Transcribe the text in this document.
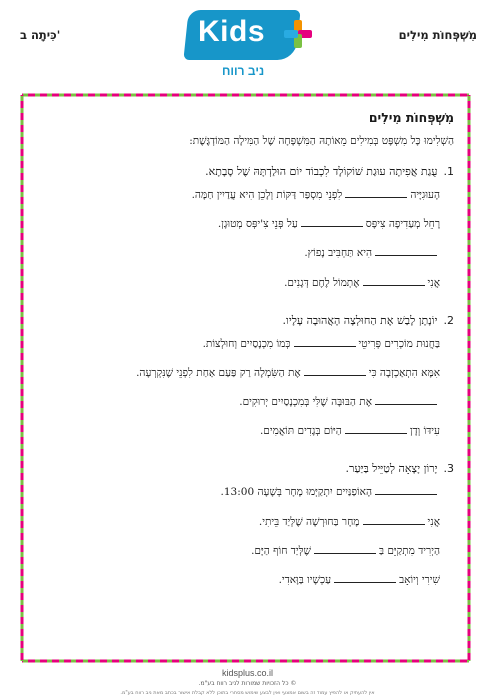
מִשְׁפְּחוֹת מִילִים
כִּיתָה ב'	Kids
ניב רווח
מִשְׁפְּחוֹת מִילִים
הַשְׁלִימוּ כָּל מִשְׁפָּט בְּמִילִים מֵאוֹתָהּ הַמִּשְׁפָּחָה שֶׁל הַמִּילָה הַמּוֹדְגֶּשֶׁת:
1.
עֻגַת אֲפִיתָה עוּגַת שׁוֹקוֹלָד לִכְבוֹד יוֹם הוּלַדְתָּהּ שֶׁל סָבָתָא.
הָעוּגִיָּיהלִפְנֵי מִסְפַּר דַּקּוֹת וְלָכֵן הִיא עֲדַיִין חַמָּה.
רָחֵל מְעַדִיפָה צִיפָּסעַל פְּנֵי צִ'יפְּס מְטוּגָן.
הִיא תַּחְבִּיב נָפוֹץ.
אֲנִיאֶתְמוֹל לֶחֶם דְּגָנִים.
2.
יוֹנָתָן לָבַשׁ אֶת הַחוּלְצָה הָאֲהוּבָה עָלָיו.
בַּחֲנוּת מוֹכְרִים פְּרִיטֵיכְּמוֹ מִכְנָסַיִים וְחוּלְצוֹת.
אִמָּא הִתְאַכְזְבָה כִּיאֶת הַשִּׂמְלָה רַק פַּעַם אַחַת לִפְנֵי שֶׁנִּקְרְעָה.
אֶת הַבּוּבָּה שֶׁלִּי בְּמִכְנָסַיִים יְרוּקִים.
עִידּוֹ וְדָןהַיּוֹם בְּגָדִים תּוֹאֲמִים.
3.
יָרוֹן יָצָאָה לְטַיֵּיל בַּיַּעַר.
הָאוֹפַנַּיִים יִתְקַיְּמוּ מָחָר בְּשָׁעָה 13:00.
אֲנִימָחָר בַּחוּרְשָׁה שֶׁלְּיַד בֵּיתִי.
הַיְרִיד מִתְקַיֵּם בַּשֶׁלְּיַד חוֹף הַיָּם.
שִׁירִי וְיוֹאָבעַכְשָׁיו בַּוָּאדִי.
kidsplus.co.il
© כל הזכויות שמורות לניב רווח בע"מ.
אין להעתיק או להפיץ עמוד זה בשום אמצעי ואין לבצע שימוש מסחרי בתוכן ללא קבלת אישור בכתב מאת ניב רווח בע"מ.
